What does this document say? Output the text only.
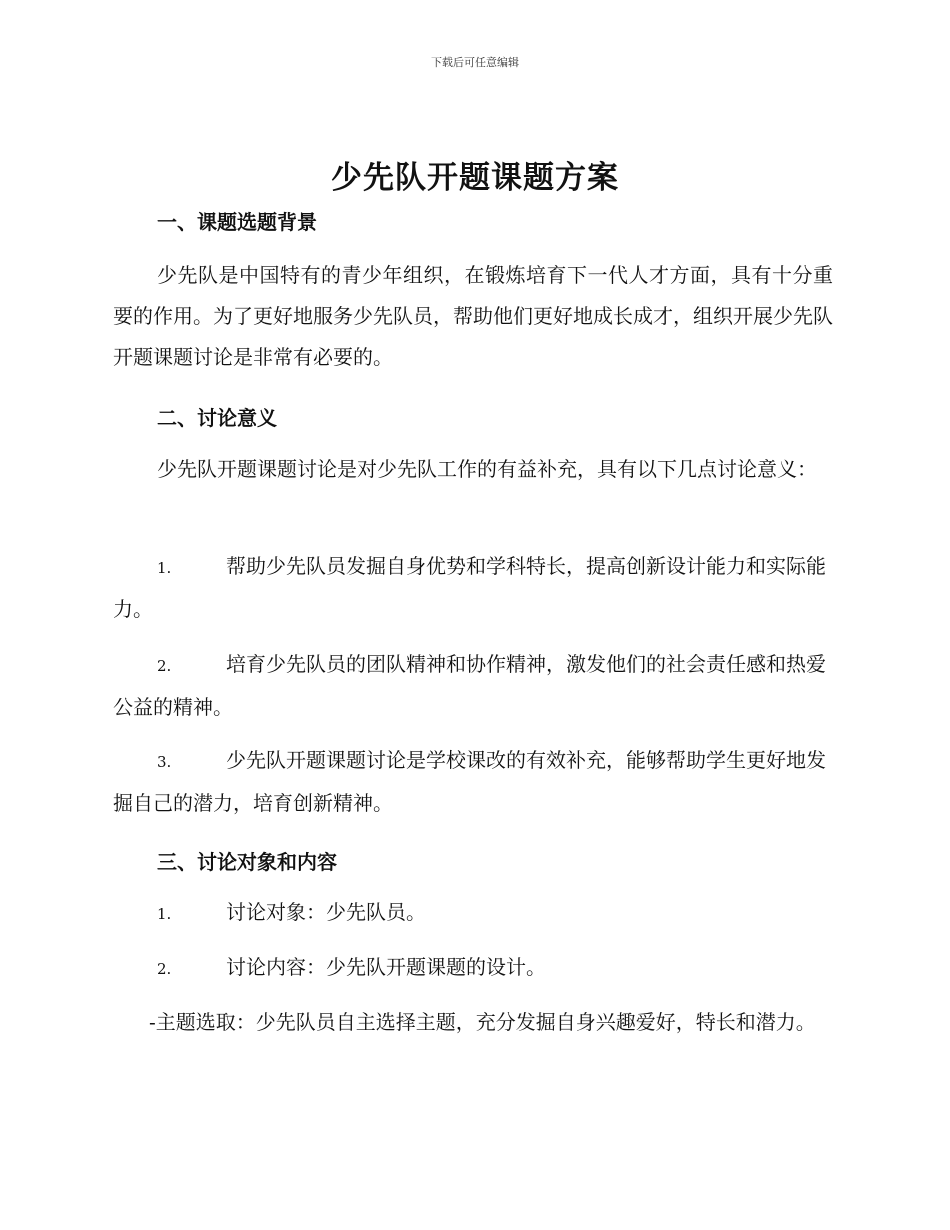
下载后可任意编辑
少先队开题课题方案
一、课题选题背景

少先队是中国特有的青少年组织，在锻炼培育下一代人才方面，具有十分重要的作用。为了更好地服务少先队员，帮助他们更好地成长成才，组织开展少先队开题课题讨论是非常有必要的。

二、讨论意义

少先队开题课题讨论是对少先队工作的有益补充，具有以下几点讨论意义：

1.	帮助少先队员发掘自身优势和学科特长，提高创新设计能力和实际能力。

2.	培育少先队员的团队精神和协作精神，激发他们的社会责任感和热爱公益的精神。

3.	少先队开题课题讨论是学校课改的有效补充，能够帮助学生更好地发掘自己的潜力，培育创新精神。

三、讨论对象和内容

1.	讨论对象：少先队员。

2.	讨论内容：少先队开题课题的设计。

-主题选取：少先队员自主选择主题，充分发掘自身兴趣爱好，特长和潜力。
